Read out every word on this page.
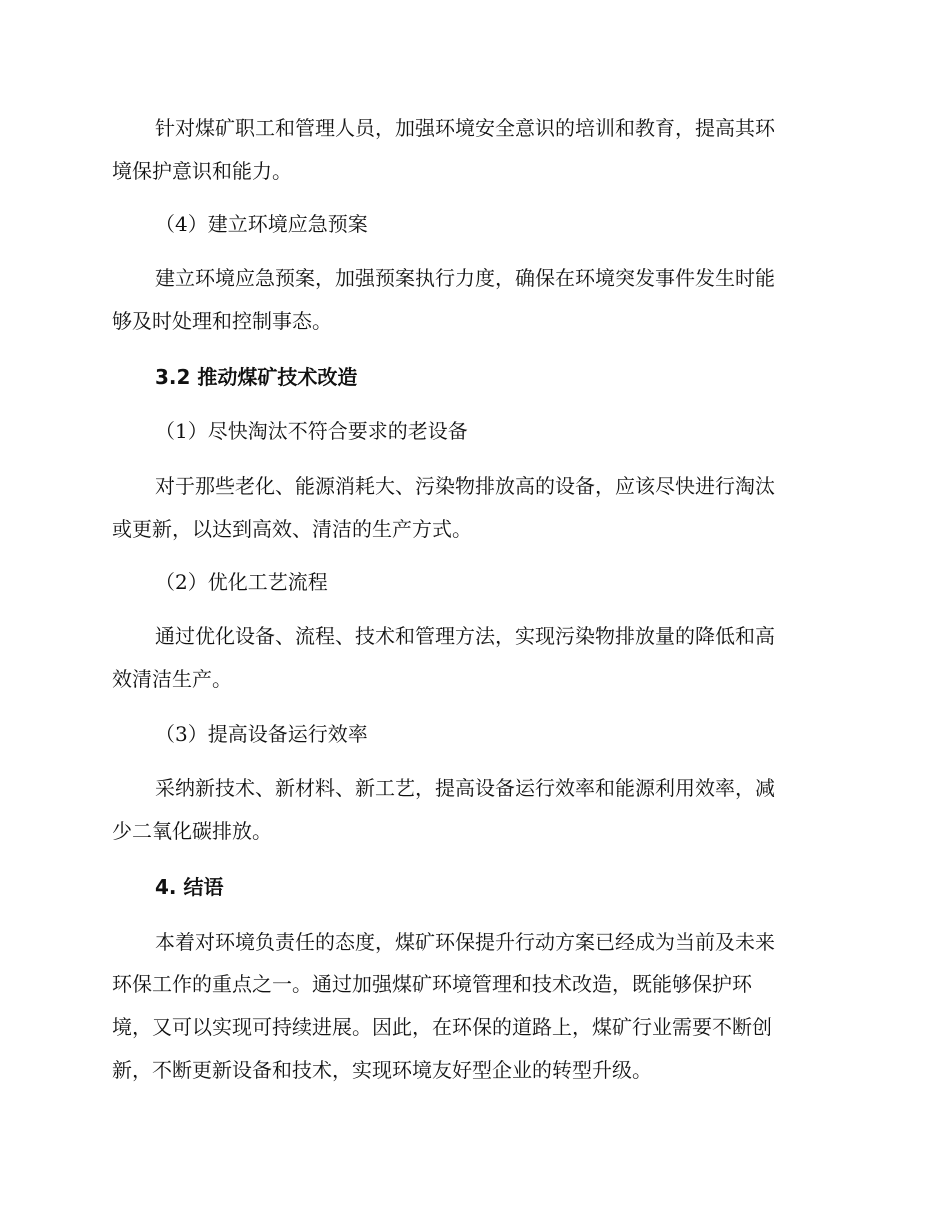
针对煤矿职工和管理人员，加强环境安全意识的培训和教育，提高其环

境保护意识和能力。

（4）建立环境应急预案

建立环境应急预案，加强预案执行力度，确保在环境突发事件发生时能

够及时处理和控制事态。

3.2 推动煤矿技术改造

（1）尽快淘汰不符合要求的老设备

对于那些老化、能源消耗大、污染物排放高的设备，应该尽快进行淘汰

或更新，以达到高效、清洁的生产方式。

（2）优化工艺流程

通过优化设备、流程、技术和管理方法，实现污染物排放量的降低和高

效清洁生产。

（3）提高设备运行效率

采纳新技术、新材料、新工艺，提高设备运行效率和能源利用效率，减

少二氧化碳排放。

4. 结语

本着对环境负责任的态度，煤矿环保提升行动方案已经成为当前及未来

环保工作的重点之一。通过加强煤矿环境管理和技术改造，既能够保护环

境，又可以实现可持续进展。因此，在环保的道路上，煤矿行业需要不断创

新，不断更新设备和技术，实现环境友好型企业的转型升级。
